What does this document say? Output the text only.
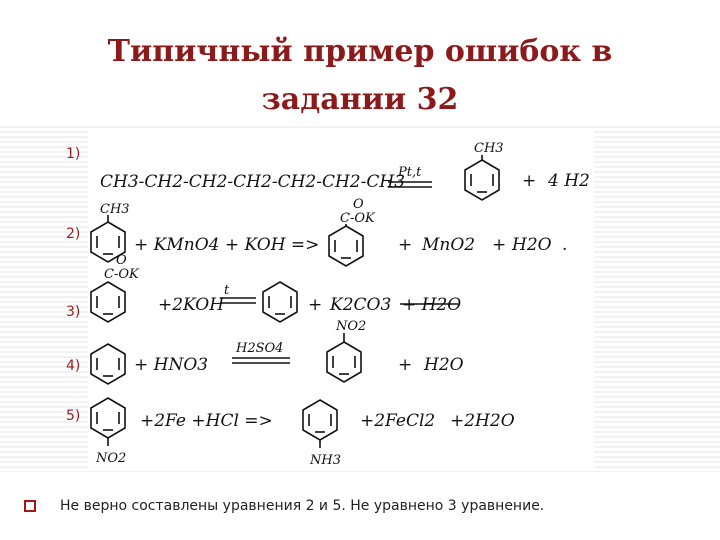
Типичный пример ошибок в
задании 32
1)
2)
3)
4)
5)
CH3-CH2-CH2-CH2-CH2-CH2-CH3
Pt,t
CH3
+ 4 H2
CH3
+ KMnO4 + KOH =>
O
C-OK
+ MnO2 + H2O .
O
C-OK
+2KOH
t
+ K2CO3 + H2O
+ HNO3
H2SO4
NO2
+ H2O
NO2
+2Fe +HCl =>
NH3
+2FeCl2 +2H2O
Не верно составлены уравнения 2 и 5. Не уравнено 3 уравнение.
